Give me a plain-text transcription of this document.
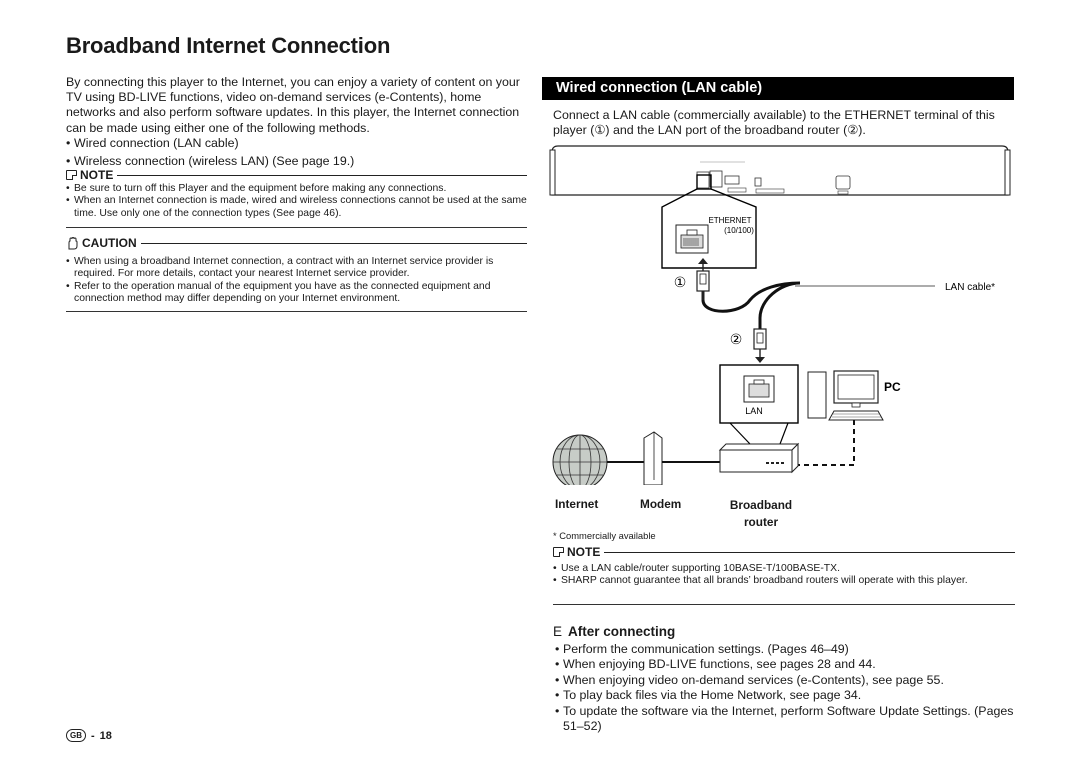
Broadband Internet Connection
By connecting this player to the Internet, you can enjoy a variety of content on your TV using BD-LIVE functions, video on-demand services (e-Contents), home networks and also perform software updates. In this player, the Internet connection can be made using either one of the following methods.
• Wired connection (LAN cable)
• Wireless connection (wireless LAN) (See page 19.)
NOTE
• Be sure to turn off this Player and the equipment before making any connections.
• When an Internet connection is made, wired and wireless connections cannot be used at the same time. Use only one of the connection types (See page 46).
CAUTION
• When using a broadband Internet connection, a contract with an Internet service provider is required. For more details, contact your nearest Internet service provider.
• Refer to the operation manual of the equipment you have as the connected equipment and connection method may differ depending on your Internet environment.
Wired connection (LAN cable)
Connect a LAN cable (commercially available) to the ETHERNET terminal of this player (①) and the LAN port of the broadband router (②).
ETHERNET
(10/100)
①	LAN cable*
②
LAN
PC
Internet	Modem	Broadband
router
* Commercially available
NOTE
• Use a LAN cable/router supporting 10BASE-T/100BASE-TX.
• SHARP cannot guarantee that all brands’ broadband routers will operate with this player.
E After connecting
• Perform the communication settings. (Pages 46–49)
• When enjoying BD-LIVE functions, see pages 28 and 44.
• When enjoying video on-demand services (e-Contents), see page 55.
• To play back files via the Home Network, see page 34.
• To update the software via the Internet, perform Software Update Settings. (Pages 51–52)
GB - 18
